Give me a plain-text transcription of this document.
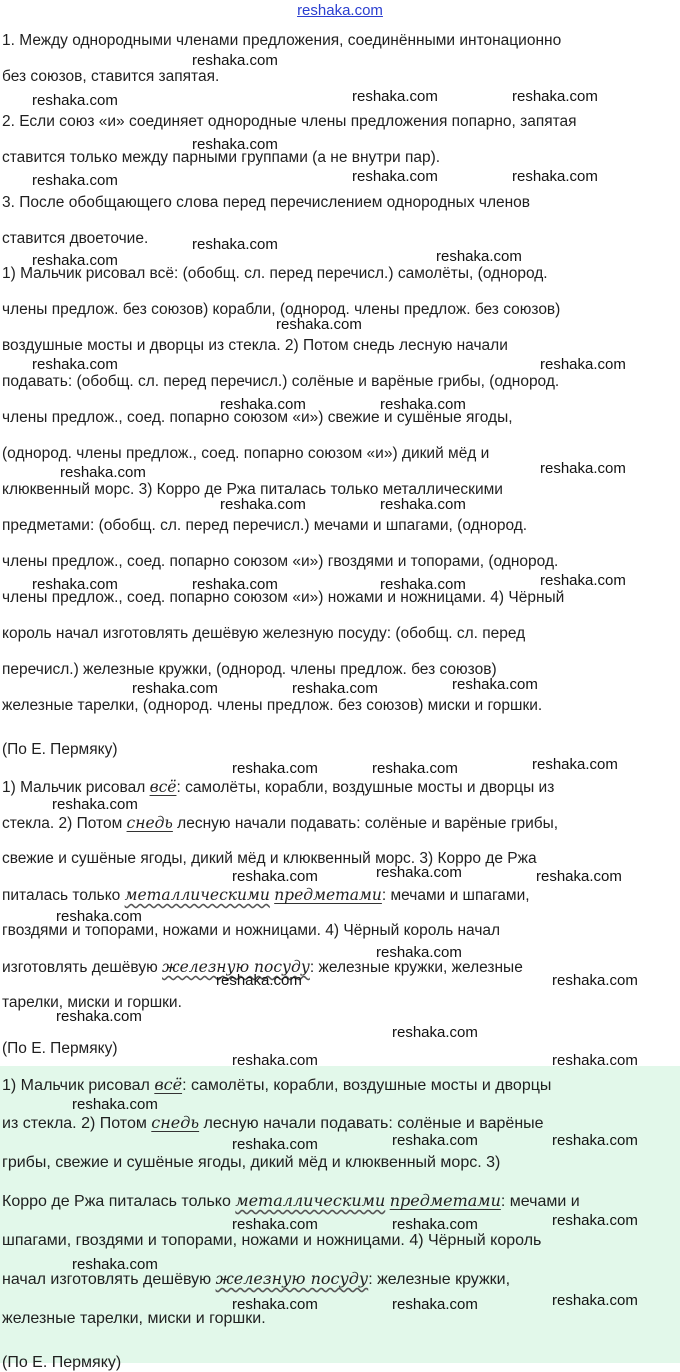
reshaka.com
1. Между однородными членами предложения, соединёнными интонационно
без союзов, ставится запятая.
2. Если союз «и» соединяет однородные члены предложения попарно, запятая
ставится только между парными группами (а не внутри пар).
3. После обобщающего слова перед перечислением однородных членов
ставится двоеточие.
1) Мальчик рисовал всё: (обобщ. сл. перед перечисл.) самолёты, (однород.
члены предлож. без союзов) корабли, (однород. члены предлож. без союзов)
воздушные мосты и дворцы из стекла. 2) Потом снедь лесную начали
подавать: (обобщ. сл. перед перечисл.) солёные и варёные грибы, (однород.
члены предлож., соед. попарно союзом «и») свежие и сушёные ягоды,
(однород. члены предлож., соед. попарно союзом «и») дикий мёд и
клюквенный морс. 3) Корро де Ржа питалась только металлическими
предметами: (обобщ. сл. перед перечисл.) мечами и шпагами, (однород.
члены предлож., соед. попарно союзом «и») гвоздями и топорами, (однород.
члены предлож., соед. попарно союзом «и») ножами и ножницами. 4) Чёрный
король начал изготовлять дешёвую железную посуду: (обобщ. сл. перед
перечисл.) железные кружки, (однород. члены предлож. без союзов)
железные тарелки, (однород. члены предлож. без союзов) миски и горшки.
(По Е. Пермяку)
1) Мальчик рисовал всё: самолёты, корабли, воздушные мосты и дворцы из
стекла. 2) Потом снедь лесную начали подавать: солёные и варёные грибы,
свежие и сушёные ягоды, дикий мёд и клюквенный морс. 3) Корро де Ржа
питалась только металлическими предметами: мечами и шпагами,
гвоздями и топорами, ножами и ножницами. 4) Чёрный король начал
изготовлять дешёвую железную посуду: железные кружки, железные
тарелки, миски и горшки.
(По Е. Пермяку)
1) Мальчик рисовал всё: самолёты, корабли, воздушные мосты и дворцы
из стекла. 2) Потом снедь лесную начали подавать: солёные и варёные
грибы, свежие и сушёные ягоды, дикий мёд и клюквенный морс. 3)
Корро де Ржа питалась только металлическими предметами: мечами и
шпагами, гвоздями и топорами, ножами и ножницами. 4) Чёрный король
начал изготовлять дешёвую железную посуду: железные кружки,
железные тарелки, миски и горшки.
(По Е. Пермяку)
reshaka.com
reshaka.com	reshaka.com	reshaka.com
reshaka.com
reshaka.com	reshaka.com	reshaka.com
reshaka.com
reshaka.com
reshaka.com
reshaka.com
reshaka.com	reshaka.com
reshaka.com	reshaka.com
reshaka.com	reshaka.com
reshaka.com	reshaka.com
reshaka.com	reshaka.com	reshaka.com	reshaka.com
reshaka.com	reshaka.com	reshaka.com
reshaka.com	reshaka.com	reshaka.com
reshaka.com
reshaka.com	reshaka.com	reshaka.com
reshaka.com
reshaka.com
reshaka.com	reshaka.com
reshaka.com
reshaka.com
reshaka.com	reshaka.com
reshaka.com
reshaka.com	reshaka.com	reshaka.com
reshaka.com	reshaka.com	reshaka.com
reshaka.com
reshaka.com	reshaka.com	reshaka.com
